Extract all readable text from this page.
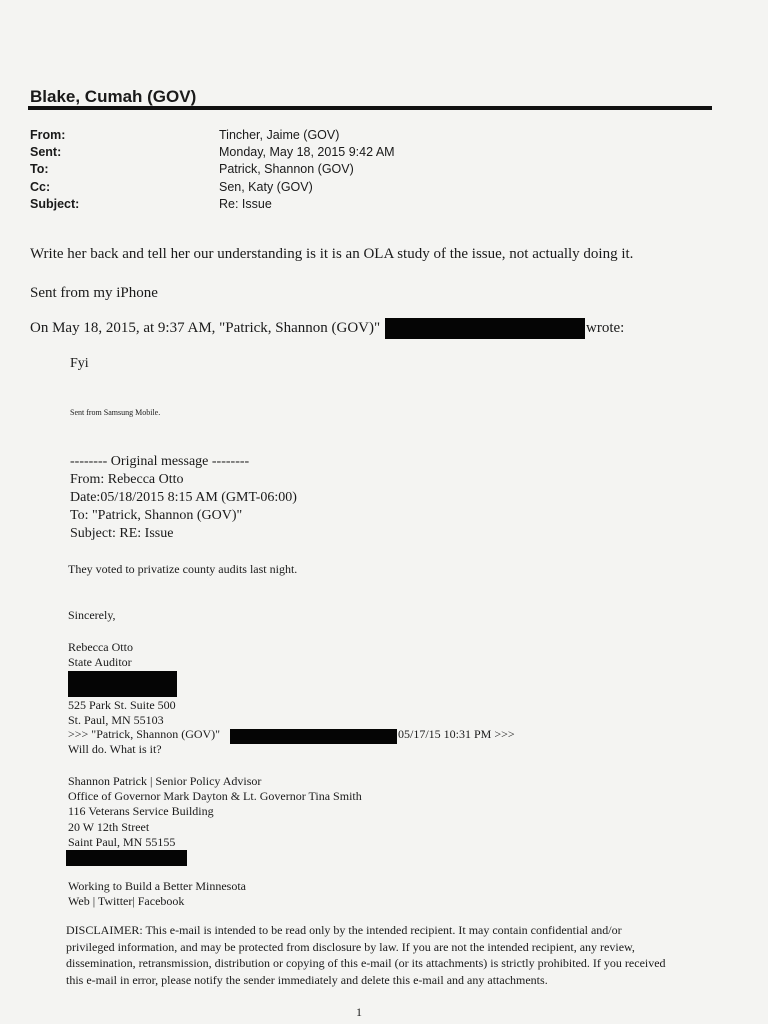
Blake, Cumah (GOV)
From:	Tincher, Jaime (GOV)
Sent:	Monday, May 18, 2015 9:42 AM
To:	Patrick, Shannon (GOV)
Cc:	Sen, Katy (GOV)
Subject:	Re: Issue
Write her back and tell her our understanding is it is an OLA study of the issue, not actually doing it.
Sent from my iPhone
On May 18, 2015, at 9:37 AM, "Patrick, Shannon (GOV)"	wrote:
Fyi
Sent from Samsung Mobile.
-------- Original message --------
From: Rebecca Otto
Date:05/18/2015 8:15 AM (GMT-06:00)
To: "Patrick, Shannon (GOV)"
Subject: RE: Issue
They voted to privatize county audits last night.
Sincerely,
Rebecca Otto
State Auditor
525 Park St. Suite 500
St. Paul, MN 55103
>>> "Patrick, Shannon (GOV)"	05/17/15 10:31 PM >>>
Will do. What is it?
Shannon Patrick | Senior Policy Advisor
Office of Governor Mark Dayton & Lt. Governor Tina Smith
116 Veterans Service Building
20 W 12th Street
Saint Paul, MN 55155
Working to Build a Better Minnesota
Web | Twitter| Facebook
DISCLAIMER: This e-mail is intended to be read only by the intended recipient. It may contain confidential and/or privileged information, and may be protected from disclosure by law. If you are not the intended recipient, any review, dissemination, retransmission, distribution or copying of this e-mail (or its attachments) is strictly prohibited. If you received this e-mail in error, please notify the sender immediately and delete this e-mail and any attachments.
1
